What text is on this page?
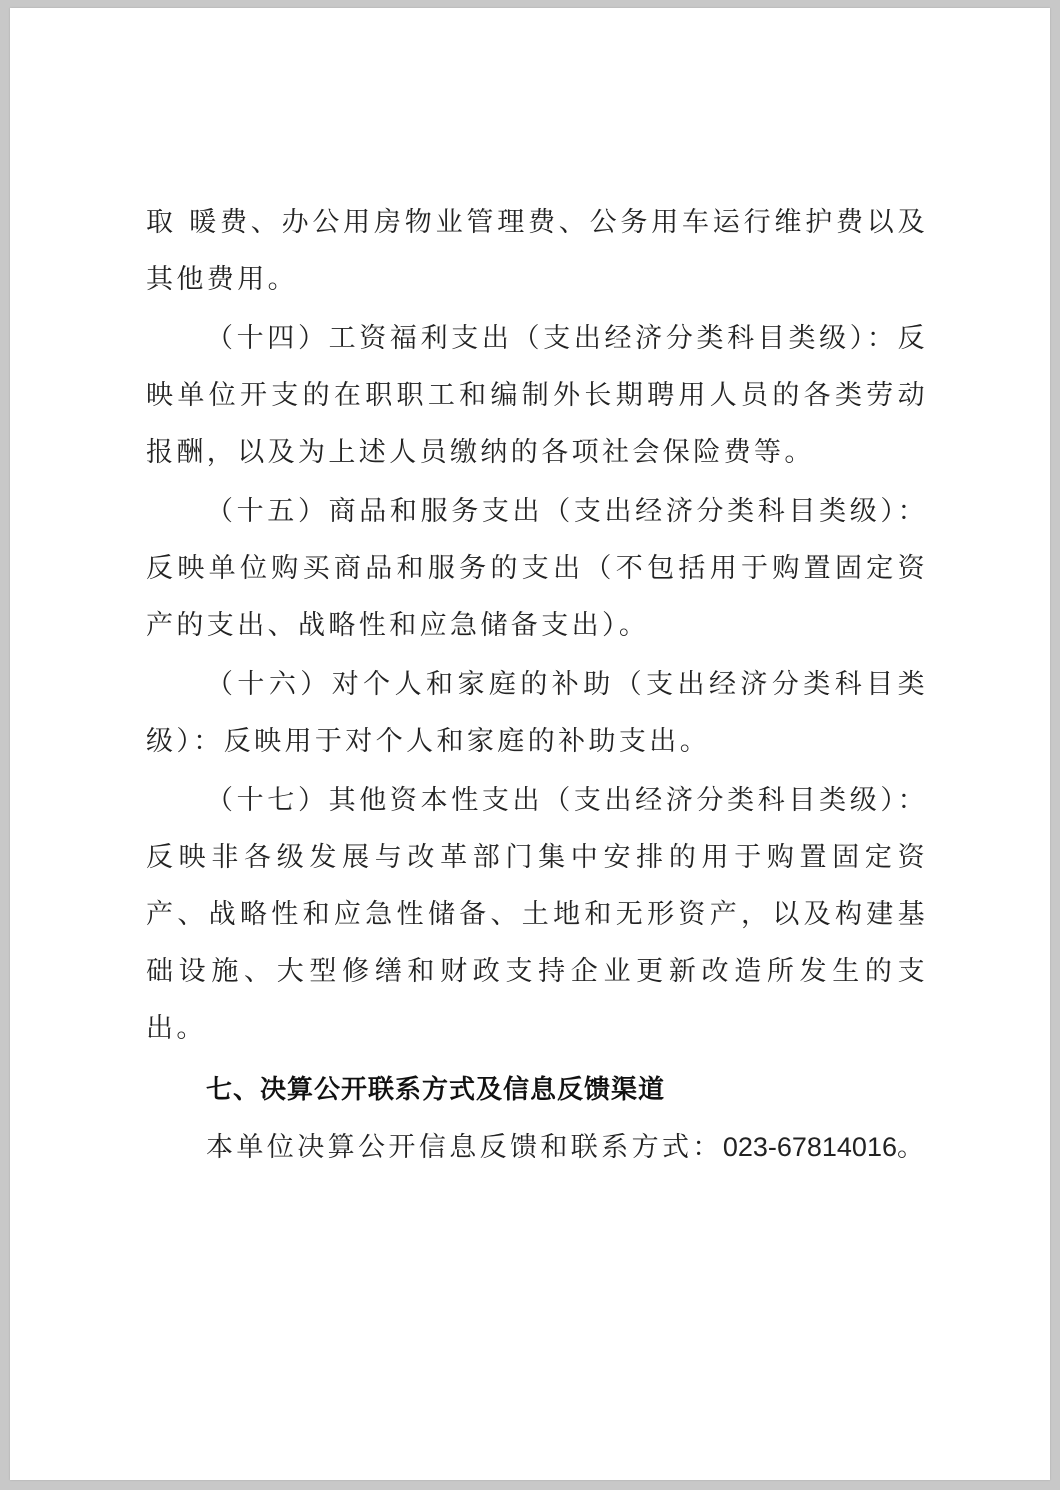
取 暖费、办公用房物业管理费、公务用车运行维护费以及其他费用。

（十四）工资福利支出（支出经济分类科目类级）：反映单位开支的在职职工和编制外长期聘用人员的各类劳动报酬，以及为上述人员缴纳的各项社会保险费等。

（十五）商品和服务支出（支出经济分类科目类级）：反映单位购买商品和服务的支出（不包括用于购置固定资产的支出、战略性和应急储备支出）。

（十六）对个人和家庭的补助（支出经济分类科目类级）：反映用于对个人和家庭的补助支出。

（十七）其他资本性支出（支出经济分类科目类级）：反映非各级发展与改革部门集中安排的用于购置固定资产、战略性和应急性储备、土地和无形资产，以及构建基础设施、大型修缮和财政支持企业更新改造所发生的支出。

七、决算公开联系方式及信息反馈渠道

本单位决算公开信息反馈和联系方式：023-67814016。
